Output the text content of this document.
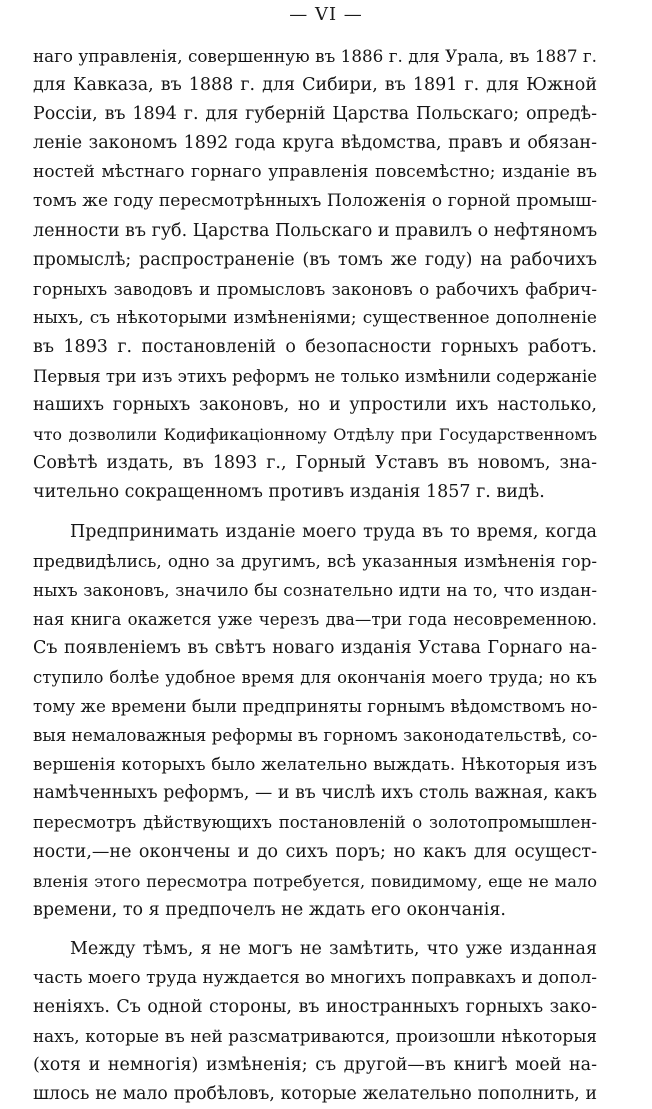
— VI —
наго управленія, совершенную въ 1886 г. для Урала, въ 1887 г.
для Кавказа, въ 1888 г. для Сибири, въ 1891 г. для Южной
Россіи, въ 1894 г. для губерній Царства Польскаго; опредѣ-
леніе закономъ 1892 года круга вѣдомства, правъ и обязан-
ностей мѣстнаго горнаго управленія повсемѣстно; изданіе въ
томъ же году пересмотрѣнныхъ Положенія о горной промыш-
ленности въ губ. Царства Польскаго и правилъ о нефтяномъ
промыслѣ; распространеніе (въ томъ же году) на рабочихъ
горныхъ заводовъ и промысловъ законовъ о рабочихъ фабрич-
ныхъ, съ нѣкоторыми измѣненіями; существенное дополненіе
въ 1893 г. постановленій о безопасности горныхъ работъ.
Первыя три изъ этихъ реформъ не только измѣнили содержаніе
нашихъ горныхъ законовъ, но и упростили ихъ настолько,
что дозволили Кодификаціонному Отдѣлу при Государственномъ
Совѣтѣ издать, въ 1893 г., Горный Уставъ въ новомъ, зна-
чительно сокращенномъ противъ изданія 1857 г. видѣ.
Предпринимать изданіе моего труда въ то время, когда
предвидѣлись, одно за другимъ, всѣ указанныя измѣненія гор-
ныхъ законовъ, значило бы сознательно идти на то, что издан-
ная книга окажется уже черезъ два—три года несовременною.
Съ появленіемъ въ свѣтъ новаго изданія Устава Горнаго на-
ступило болѣе удобное время для окончанія моего труда; но къ
тому же времени были предприняты горнымъ вѣдомствомъ но-
выя немаловажныя реформы въ горномъ законодательствѣ, со-
вершенія которыхъ было желательно выждать. Нѣкоторыя изъ
намѣченныхъ реформъ, — и въ числѣ ихъ столь важная, какъ
пересмотръ дѣйствующихъ постановленій о золотопромышлен-
ности,—не окончены и до сихъ поръ; но какъ для осущест-
вленія этого пересмотра потребуется, повидимому, еще не мало
времени, то я предпочелъ не ждать его окончанія.
Между тѣмъ, я не могъ не замѣтить, что уже изданная
часть моего труда нуждается во многихъ поправкахъ и допол-
неніяхъ. Съ одной стороны, въ иностранныхъ горныхъ зако-
нахъ, которые въ ней разсматриваются, произошли нѣкоторыя
(хотя и немногія) измѣненія; съ другой—въ книгѣ моей на-
шлось не мало пробѣловъ, которые желательно пополнить, и
